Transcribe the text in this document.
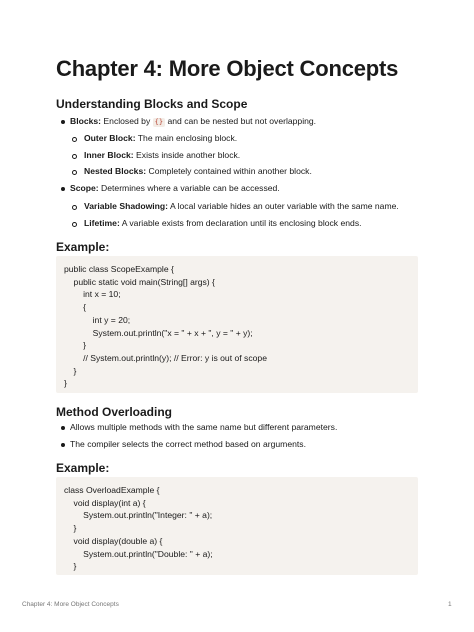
Chapter 4: More Object Concepts
Understanding Blocks and Scope
Blocks: Enclosed by {} and can be nested but not overlapping.
Outer Block: The main enclosing block.
Inner Block: Exists inside another block.
Nested Blocks: Completely contained within another block.
Scope: Determines where a variable can be accessed.
Variable Shadowing: A local variable hides an outer variable with the same name.
Lifetime: A variable exists from declaration until its enclosing block ends.
Example:
public class ScopeExample {
public static void main(String[] args) {
int x = 10;
{
int y = 20;
System.out.println("x = " + x + ", y = " + y);
}
// System.out.println(y); // Error: y is out of scope
}
}
Method Overloading
Allows multiple methods with the same name but different parameters.
The compiler selects the correct method based on arguments.
Example:
class OverloadExample {
void display(int a) {
System.out.println("Integer: " + a);
}
void display(double a) {
System.out.println("Double: " + a);
}
Chapter 4: More Object Concepts	1
